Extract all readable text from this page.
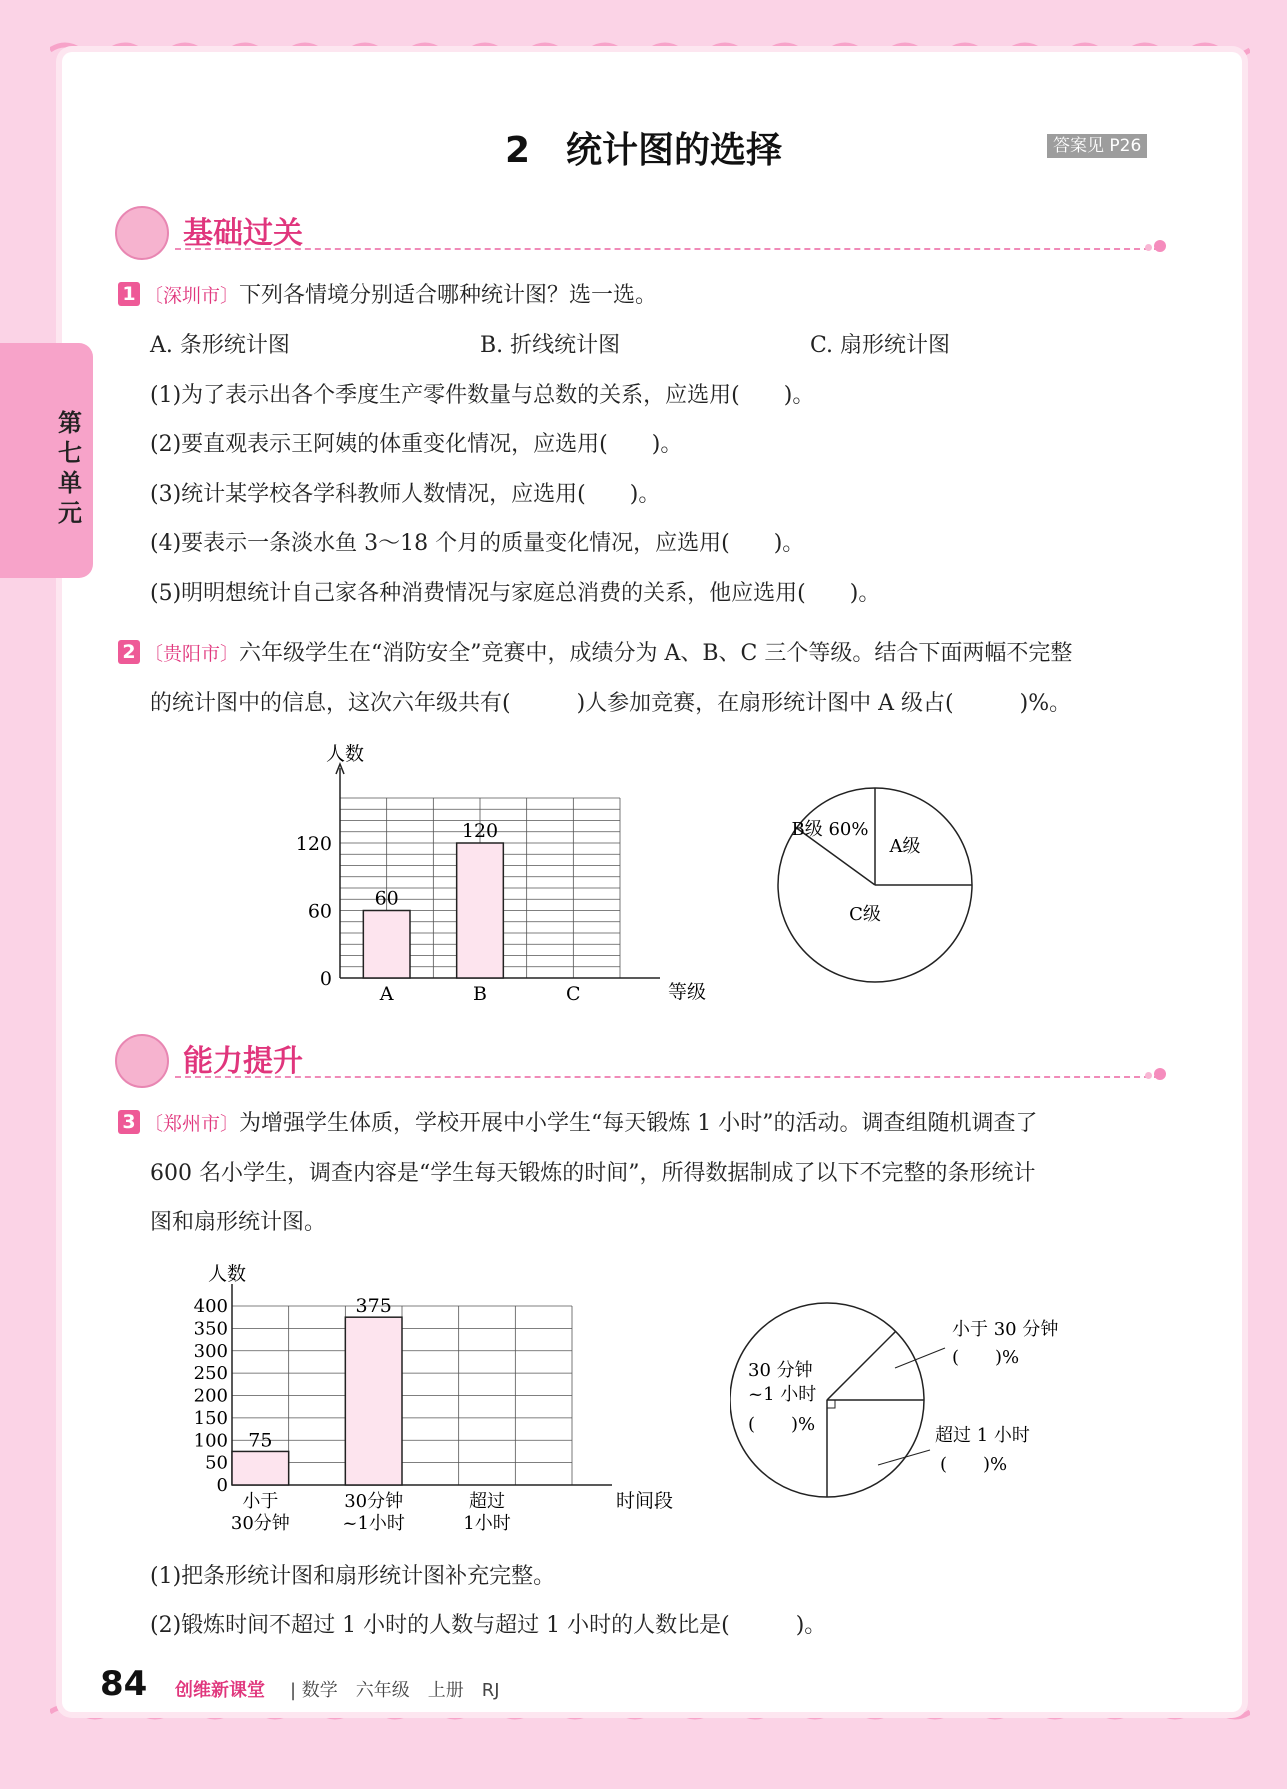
第七单元
2　统计图的选择	答案见 P26
基础过关
1 〔深圳市〕下列各情境分别适合哪种统计图？选一选。
A. 条形统计图	B. 折线统计图	C. 扇形统计图
(1)为了表示出各个季度生产零件数量与总数的关系，应选用(　　)。
(2)要直观表示王阿姨的体重变化情况，应选用(　　)。
(3)统计某学校各学科教师人数情况，应选用(　　)。
(4)要表示一条淡水鱼 3～18 个月的质量变化情况，应选用(　　)。
(5)明明想统计自己家各种消费情况与家庭总消费的关系，他应选用(　　)。
2 〔贵阳市〕六年级学生在“消防安全”竞赛中，成绩分为 A、B、C 三个等级。结合下面两幅不完整
的统计图中的信息，这次六年级共有(　　　)人参加竞赛，在扇形统计图中 A 级占(　　　)%。
人数
等级
0
60
120
A
60
B
120
C
A级
B级 60%
C级
能力提升
3 〔郑州市〕为增强学生体质，学校开展中小学生“每天锻炼 1 小时”的活动。调查组随机调查了
600 名小学生，调查内容是“学生每天锻炼的时间”，所得数据制成了以下不完整的条形统计
图和扇形统计图。
人数
时间段
0
50
100
150
200
250
300
350
400
小于 30分钟
75
30分钟~1小时
375
超过 1小时
小于 30 分钟
(　　)%
30 分钟~1 小时
(　　)%
超过 1 小时
(　　)%
(1)把条形统计图和扇形统计图补充完整。
(2)锻炼时间不超过 1 小时的人数与超过 1 小时的人数比是(　　　)。
84 创维新课堂 | 数学　六年级　上册　RJ
